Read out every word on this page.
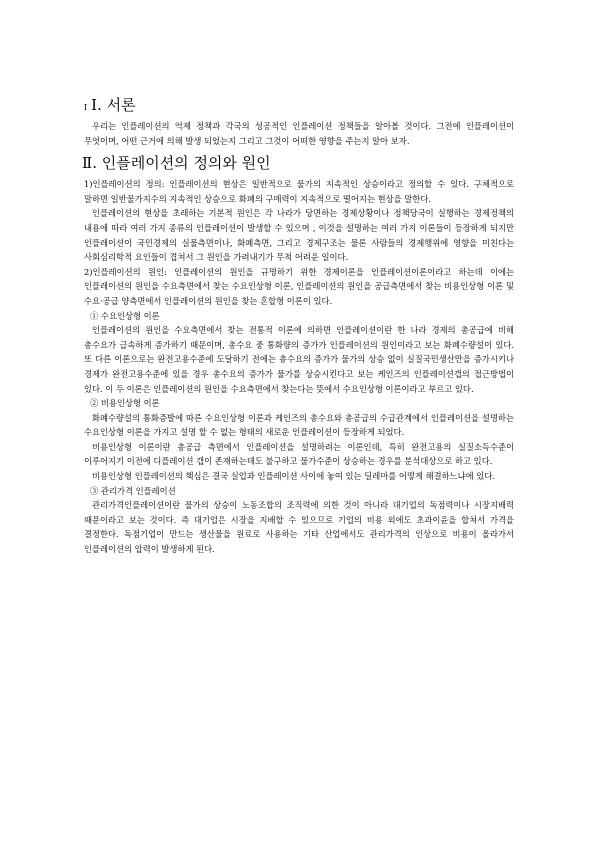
I Ⅰ. 서론

우리는 인플레이션의 억제 정책과 각국의 성공적인 인플레이션 정책들을 알아볼 것이다. 그전에 인플레이션이 무엇이며, 어떤 근거에 의해 발생 되었는지 그리고 그것이 어떠한 영향을 주는지 알아 보자.

Ⅱ. 인플레이션의 정의와 원인

1)인플레이션의 정의: 인플레이션의 현상은 일반적으로 물가의 지속적인 상승이라고 정의할 수 있다. 구체적으로 말하면 일반물가지수의 지속적인 상승으로 화폐의 구매력이 지속적으로 떨어지는 현상을 말한다.

인플레이션의 현상을 초래하는 기본적 원인은 각 나라가 당면하는 경제상황이나 정책당국이 실행하는 경제정책의 내용에 따라 여러 가지 종류의 인플레이션이 발생할 수 있으며 , 이것을 설명하는 여러 가지 이론들이 등장하게 되지만 인플레이션이 국민경제의 실물측면이나, 화폐측면, 그리고 경제구조는 물론 사람들의 경제행위에 영향을 미친다는 사회심리학적 요인들이 겹쳐서 그 원인을 가려내기가 무척 어려운 일이다.

2)인플레이션의 원인: 인플레이션의 원인을 규명하기 위한 경제이론을 인플레이션이론이라고 하는데 이에는 인플레이션의 원인을 수요측면에서 찾는 수요인상형 이론, 인플레이션의 원인을 공급측면에서 찾는 비용인상형 이론 및 수요·공급 양측면에서 인플레이션의 원인을 찾는 혼합형 이론이 있다.

① 수요인상형 이론

인플레이션의 원인을 수요측면에서 찾는 전통적 이론에 의하면 인플레이션이란 한 나라 경제의 총공급에 비해 총수요가 급속하게 증가하기 때문이며, 총수요 중 통화량의 증가가 인플레이션의 원인이라고 보는 화폐수량설이 있다. 또 다른 이론으로는 완전고용수준에 도달하기 전에는 총수요의 증가가 물가의 상승 없이 실질국민생산만을 증가시키나 경제가 완전고용수준에 있을 경우 총수요의 증가가 물가를 상승시킨다고 보는 케인즈의 인플레이션갭의 접근방법이 있다. 이 두 이론은 인플레이션의 원인을 수요측면에서 찾는다는 뜻에서 수요인상형 이론이라고 부르고 있다.

② 비용인상형 이론

화폐수량설의 통화증발에 따른 수요인상형 이론과 케인즈의 총수요와 총공급의 수급관계에서 인플레이션을 설명하는 수요인상형 이론을 가지고 설명 할 수 없는 형태의 새로운 인플레이션이 등장하게 되었다.

비용인상형 이론이란 총공급 측면에서 인플레이션을 설명하려는 이론인데, 특히 완전고용의 실질소득수준이 이루어지기 이전에 디플레이션 갭이 존재하는데도 불구하고 물가수준이 상승하는 경우를 분석대상으로 하고 있다.

비용인상형 인플레이션의 핵심은 결국 실업과 인플레이션 사이에 놓여 있는 딜레마를 어떻게 해결하느냐에 있다.

③ 관리가격 인플레이션

관리가격인플레이션이란 물가의 상승이 노동조합의 조직력에 의한 것이 아니라 대기업의 독점력이나 시장지배력 때문이라고 보는 것이다. 즉 대기업은 시장을 지배할 수 있으므로 기업의 비용 외에도 초과이윤을 합쳐서 가격을 결정한다. 독점기업이 만드는 생산물을 원료로 사용하는 기타 산업에서도 관리가격의 인상으로 비용이 올라가서 인플레이션의 압력이 발생하게 된다.
